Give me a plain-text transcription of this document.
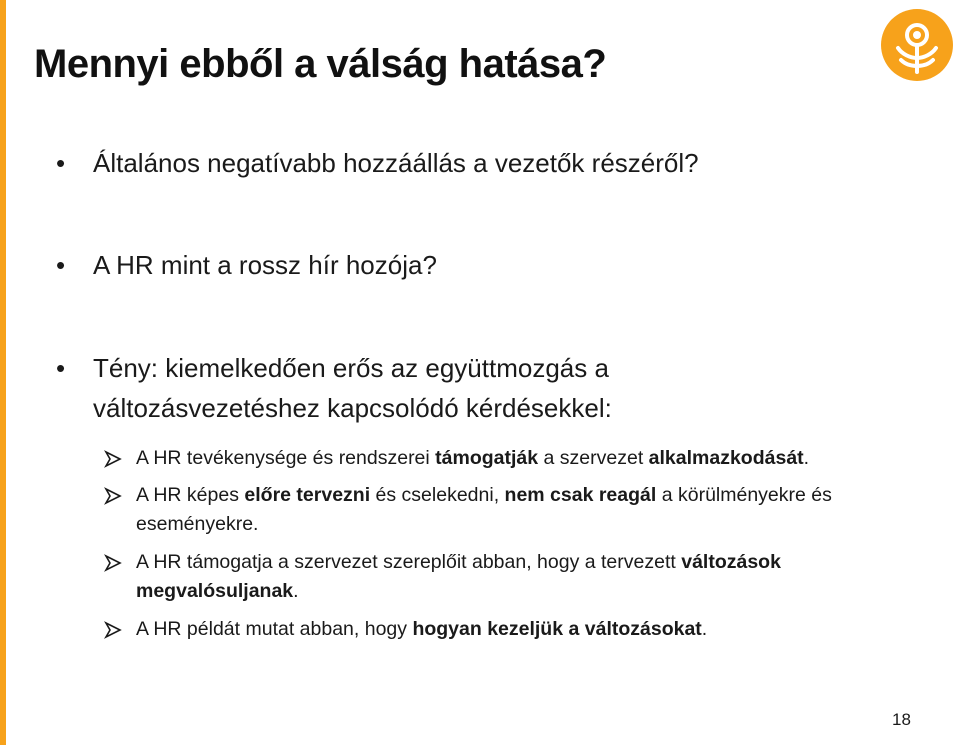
Mennyi ebből a válság hatása?
• Általános negatívabb hozzáállás a vezetők részéről?
• A HR mint a rossz hír hozója?
• Tény: kiemelkedően erős az együttmozgás a változásvezetéshez kapcsolódó kérdésekkel:
A HR tevékenysége és rendszerei támogatják a szervezet alkalmazkodását.
A HR képes előre tervezni és cselekedni, nem csak reagál a körülményekre és eseményekre.
A HR támogatja a szervezet szereplőit abban, hogy a tervezett változások megvalósuljanak.
A HR példát mutat abban, hogy hogyan kezeljük a változásokat.
18
